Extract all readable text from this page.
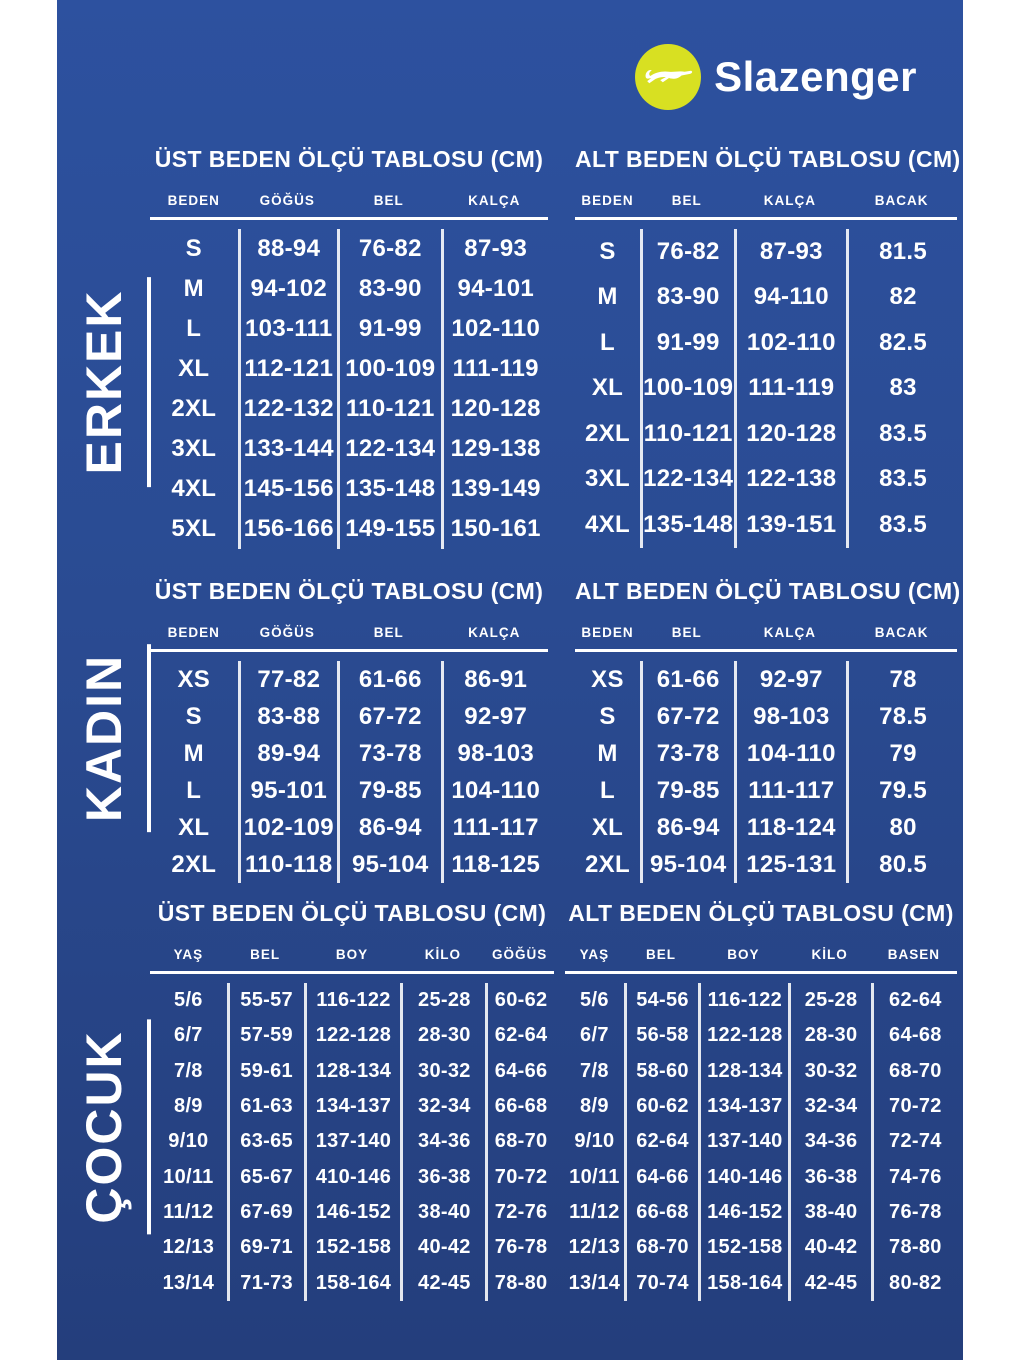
Slazenger
ERKEK
KADIN
ÇOCUK
ÜST BEDEN ÖLÇÜ TABLOSU (CM)
BEDEN	GÖĞÜS	BEL	KALÇA
S	88-94	76-82	87-93
M	94-102	83-90	94-101
L	103-111	91-99	102-110
XL	112-121 100-109 111-119
2XL	122-132 110-121 120-128
3XL	133-144 122-134 129-138
4XL	145-156 135-148 139-149
5XL	156-166 149-155 150-161
ALT BEDEN ÖLÇÜ TABLOSU (CM)
BEDEN	BEL	KALÇA	BACAK
S	76-82	87-93	81.5
M	83-90	94-110	82
L	91-99	102-110	82.5
XL 100-109 111-119	83
2XL 110-121 120-128	83.5
3XL 122-134 122-138	83.5
4XL 135-148 139-151	83.5
ÜST BEDEN ÖLÇÜ TABLOSU (CM)
BEDEN	GÖĞÜS	BEL	KALÇA
XS	77-82	61-66	86-91
S	83-88	67-72	92-97
M	89-94	73-78	98-103
L	95-101	79-85	104-110
XL	102-109	86-94	111-117
2XL	110-118 95-104 118-125
ALT BEDEN ÖLÇÜ TABLOSU (CM)
BEDEN	BEL	KALÇA	BACAK
XS	61-66	92-97	78
S	67-72	98-103	78.5
M	73-78	104-110	79
L	79-85	111-117	79.5
XL	86-94	118-124	80
2XL 95-104 125-131	80.5
ÜST BEDEN ÖLÇÜ TABLOSU (CM)
YAŞ	BEL	BOY	KİLO	GÖĞÜS
5/6	55-57	116-122	25-28	60-62
6/7	57-59	122-128	28-30	62-64
7/8	59-61	128-134	30-32	64-66
8/9	61-63	134-137	32-34	66-68
9/10	63-65	137-140	34-36	68-70
10/11	65-67	410-146	36-38	70-72
11/12	67-69	146-152	38-40	72-76
12/13	69-71	152-158	40-42	76-78
13/14	71-73	158-164	42-45	78-80
ALT BEDEN ÖLÇÜ TABLOSU (CM)
YAŞ	BEL	BOY	KİLO	BASEN
5/6	54-56 116-122	25-28	62-64
6/7	56-58 122-128	28-30	64-68
7/8	58-60 128-134	30-32	68-70
8/9	60-62 134-137	32-34	70-72
9/10	62-64 137-140	34-36	72-74
10/11 64-66 140-146	36-38	74-76
11/12 66-68 146-152	38-40	76-78
12/13 68-70 152-158	40-42	78-80
13/14 70-74 158-164	42-45	80-82
